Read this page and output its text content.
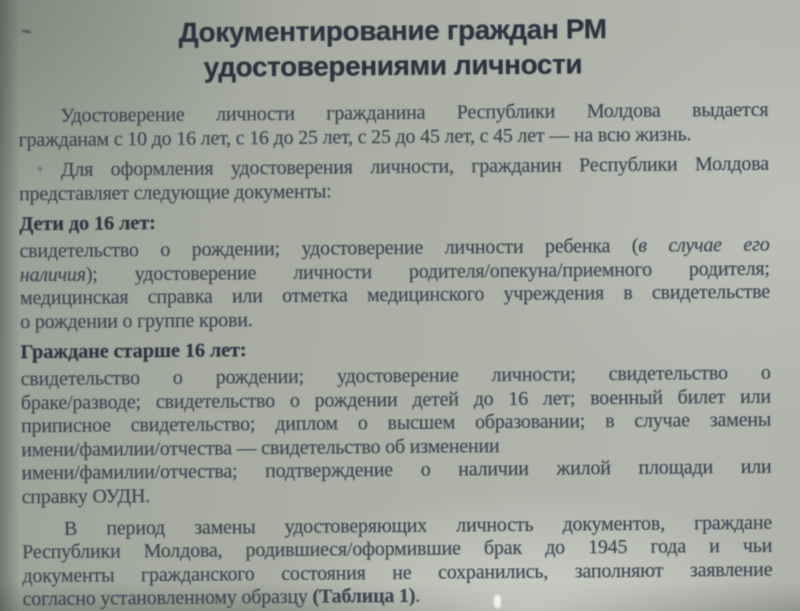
Документирование граждан РМ
удостоверениями личности
Удостоверение личности гражданина Республики Молдова выдается
гражданам с 10 до 16 лет, с 16 до 25 лет, с 25 до 45 лет, с 45 лет — на всю жизнь.
Для оформления удостоверения личности, гражданин Республики Молдова
представляет следующие документы:
Дети до 16 лет:
свидетельство о рождении; удостоверение личности ребенка (в случае его
наличия); удостоверение личности родителя/опекуна/приемного родителя;
медицинская справка или отметка медицинского учреждения в свидетельстве
о рождении о группе крови.
Граждане старше 16 лет:
свидетельство о рождении; удостоверение личности; свидетельство о
браке/разводе; свидетельство о рождении детей до 16 лет; военный билет или
приписное свидетельство; диплом о высшем образовании; в случае замены
имени/фамилии/отчества — свидетельство об изменении
имени/фамилии/отчества; подтверждение о наличии жилой площади или
справку ОУДН.
В период замены удостоверяющих личность документов, граждане
Республики Молдова, родившиеся/оформившие брак до 1945 года и чьи
документы гражданского состояния не сохранились, заполняют заявление
согласно установленному образцу (Таблица 1).
